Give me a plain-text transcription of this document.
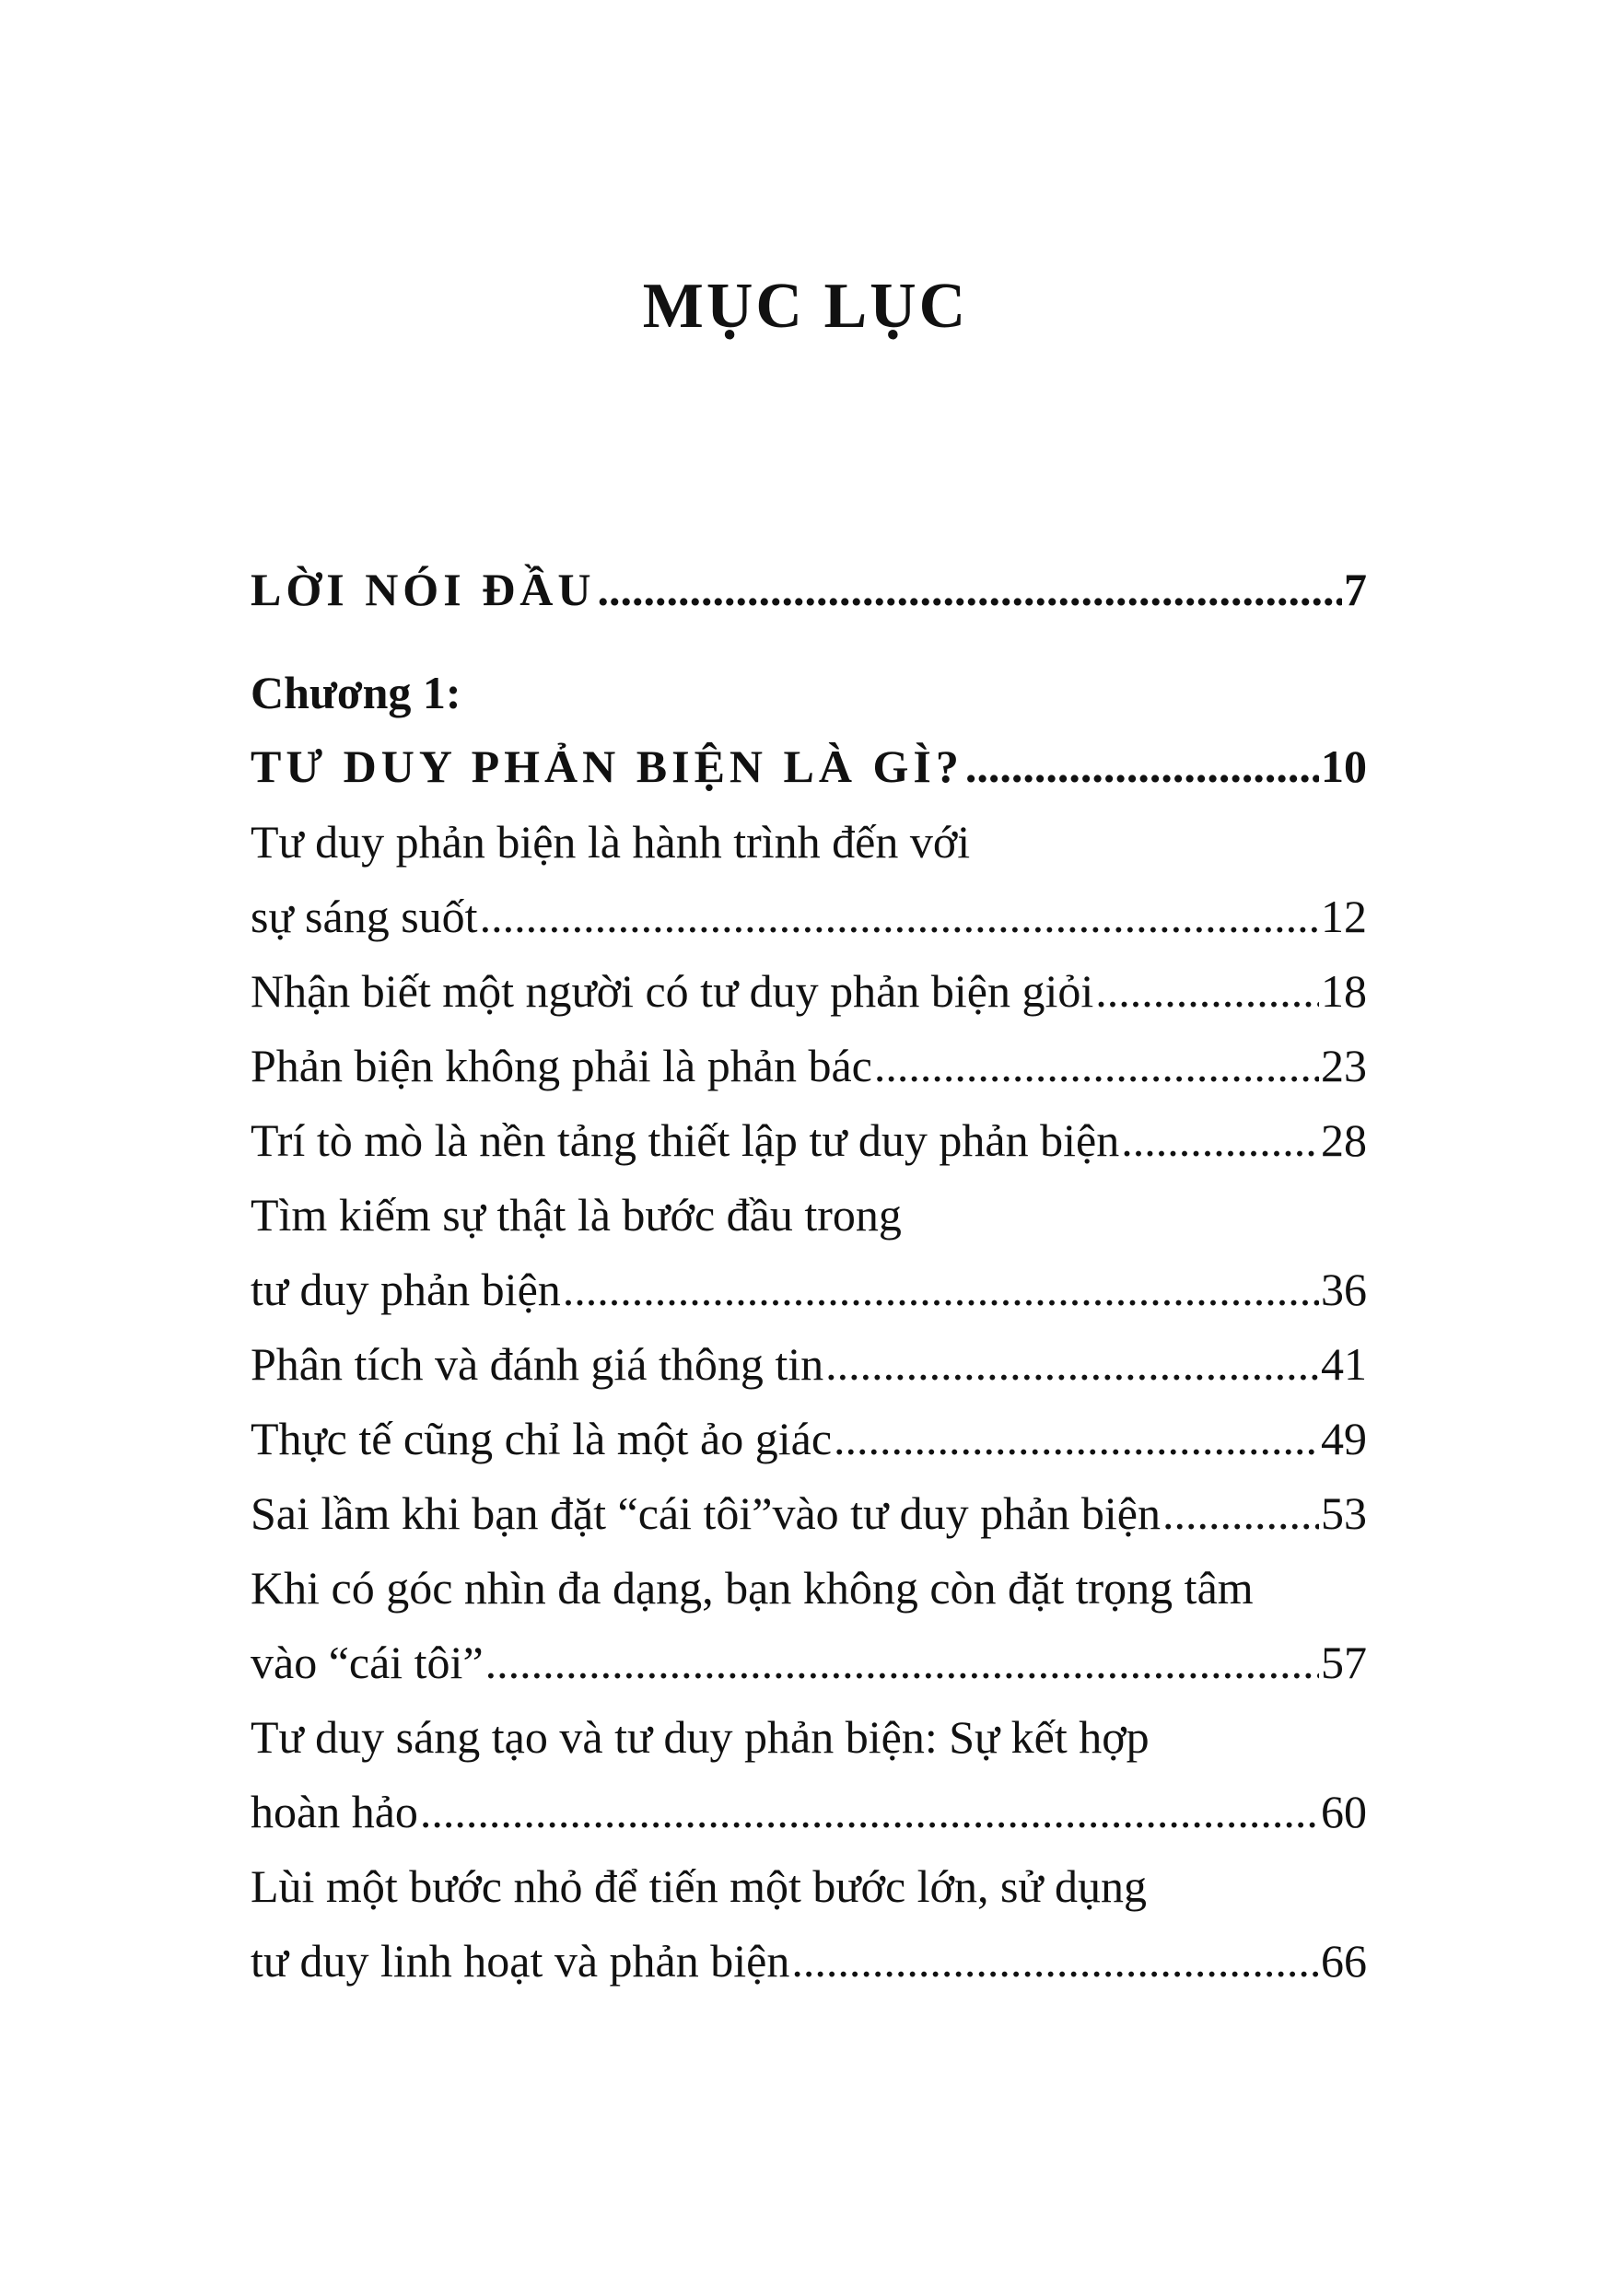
MỤC LỤC
LỜI NÓI ĐẦU .....	7
Chương 1:
TƯ DUY PHẢN BIỆN LÀ GÌ? .....	10
Tư duy phản biện là hành trình đến với
sự sáng suốt .....	12
Nhận biết một người có tư duy phản biện giỏi .....	18
Phản biện không phải là phản bác .....	23
Trí tò mò là nền tảng thiết lập tư duy phản biện .....	28
Tìm kiếm sự thật là bước đầu trong
tư duy phản biện .....	36
Phân tích và đánh giá thông tin .....	41
Thực tế cũng chỉ là một ảo giác .....	49
Sai lầm khi bạn đặt “cái tôi”vào tư duy phản biện .....	53
Khi có góc nhìn đa dạng, bạn không còn đặt trọng tâm
vào “cái tôi” .....	57
Tư duy sáng tạo và tư duy phản biện: Sự kết hợp
hoàn hảo .....	60
Lùi một bước nhỏ để tiến một bước lớn, sử dụng
tư duy linh hoạt và phản biện .....	66
